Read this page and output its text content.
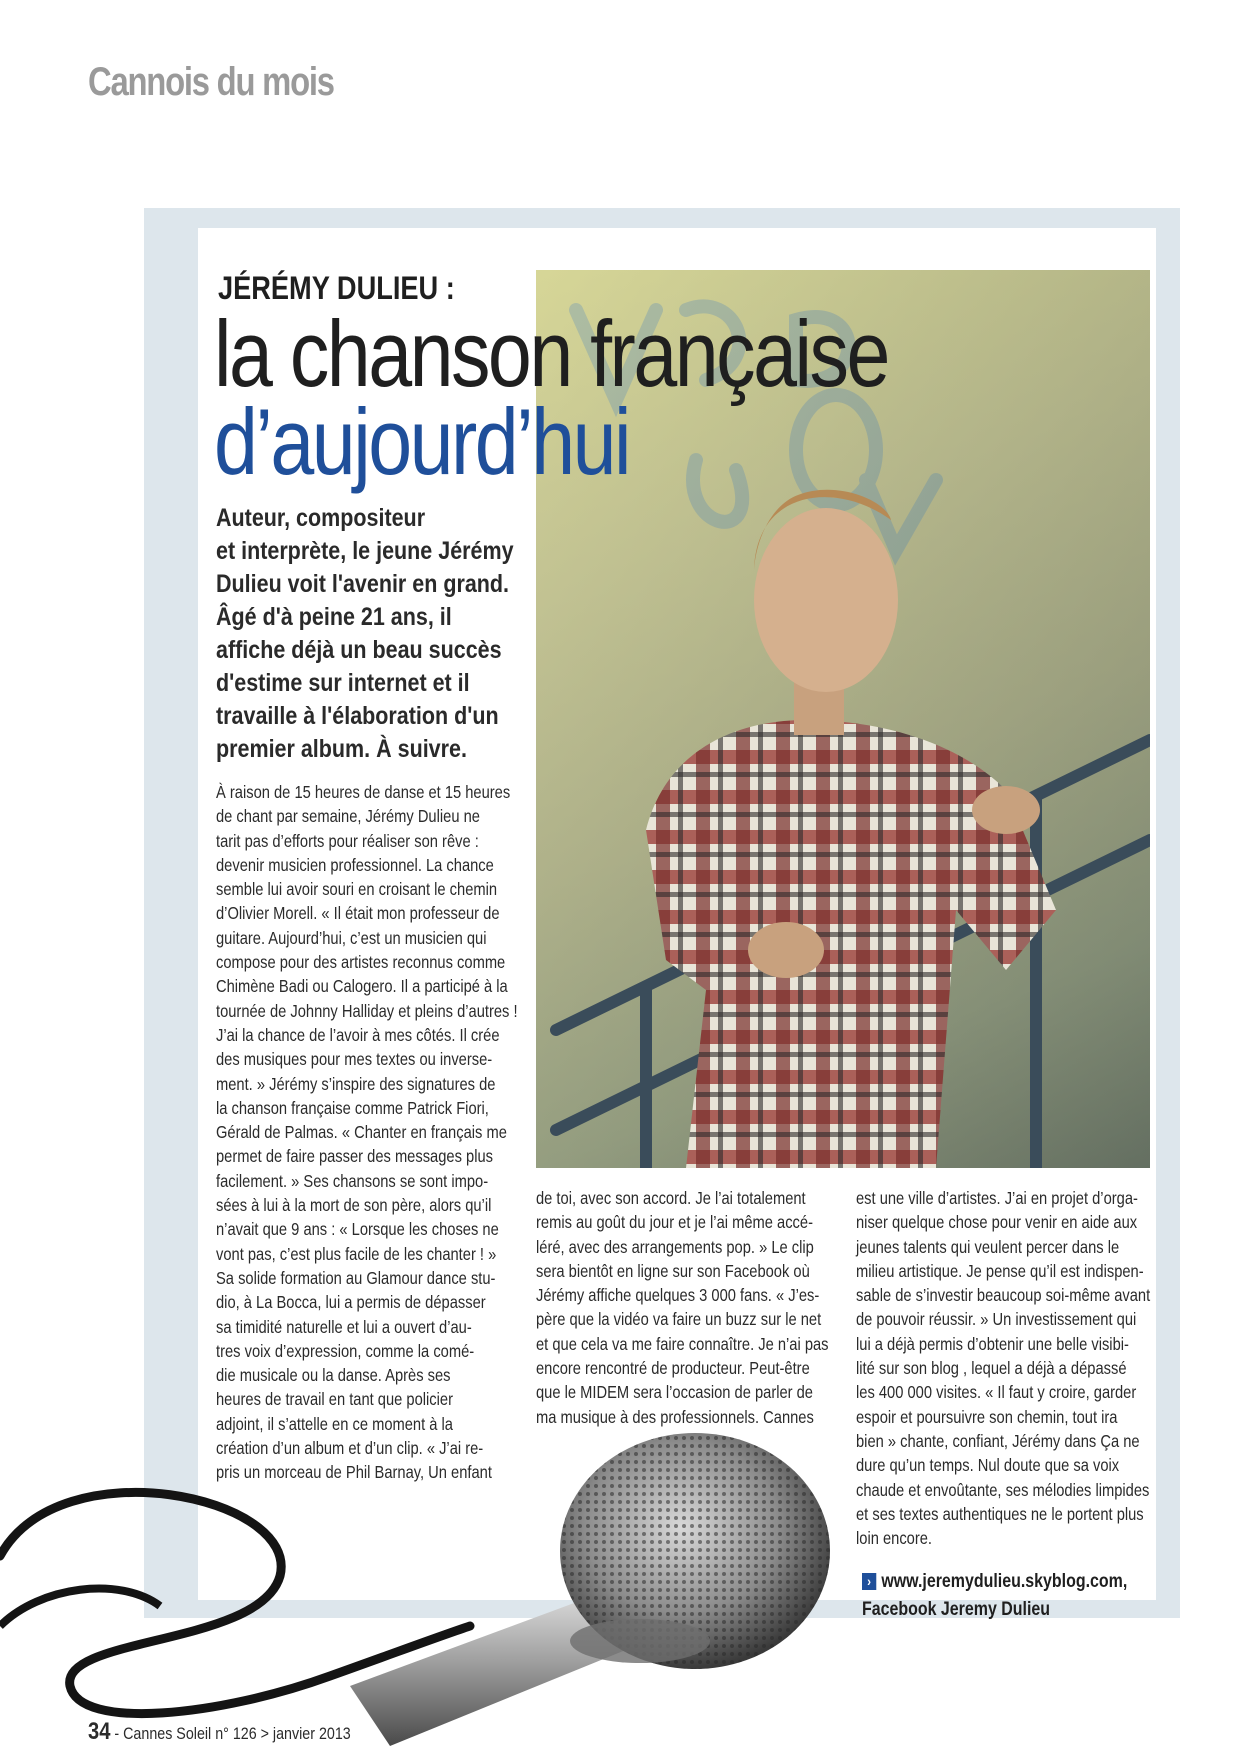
Cannois du mois
JÉRÉMY DULIEU :
la chanson française
d’aujourd’hui
Auteur, compositeur
et interprète, le jeune Jérémy
Dulieu voit l'avenir en grand.
Âgé d'à peine 21 ans, il
affiche déjà un beau succès
d'estime sur internet et il
travaille à l'élaboration d'un
premier album. À suivre.
À raison de 15 heures de danse et 15 heures
de chant par semaine, Jérémy Dulieu ne
tarit pas d’efforts pour réaliser son rêve :
devenir musicien professionnel. La chance
semble lui avoir souri en croisant le chemin
d’Olivier Morell. « Il était mon professeur de
guitare. Aujourd’hui, c’est un musicien qui
compose pour des artistes reconnus comme
Chimène Badi ou Calogero. Il a participé à la
tournée de Johnny Halliday et pleins d’autres !
J’ai la chance de l’avoir à mes côtés. Il crée
des musiques pour mes textes ou inverse-
ment. » Jérémy s’inspire des signatures de
la chanson française comme Patrick Fiori,
Gérald de Palmas. « Chanter en français me
permet de faire passer des messages plus
facilement. » Ses chansons se sont impo-
sées à lui à la mort de son père, alors qu’il
n’avait que 9 ans : « Lorsque les choses ne
vont pas, c’est plus facile de les chanter ! »
Sa solide formation au Glamour dance stu-
dio, à La Bocca, lui a permis de dépasser
sa timidité naturelle et lui a ouvert d’au-
tres voix d’expression, comme la comé-
die musicale ou la danse. Après ses
heures de travail en tant que policier
adjoint, il s’attelle en ce moment à la
création d’un album et d’un clip. « J’ai re-
pris un morceau de Phil Barnay, Un enfant
de toi, avec son accord. Je l’ai totalement
remis au goût du jour et je l’ai même accé-
léré, avec des arrangements pop. » Le clip
sera bientôt en ligne sur son Facebook où
Jérémy affiche quelques 3 000 fans. « J’es-
père que la vidéo va faire un buzz sur le net
et que cela va me faire connaître. Je n’ai pas
encore rencontré de producteur. Peut-être
que le MIDEM sera l’occasion de parler de
ma musique à des professionnels. Cannes
est une ville d’artistes. J’ai en projet d’orga-
niser quelque chose pour venir en aide aux
jeunes talents qui veulent percer dans le
milieu artistique. Je pense qu’il est indispen-
sable de s’investir beaucoup soi-même avant
de pouvoir réussir. » Un investissement qui
lui a déjà permis d’obtenir une belle visibi-
lité sur son blog , lequel a déjà a dépassé
les 400 000 visites. « Il faut y croire, garder
espoir et poursuivre son chemin, tout ira
bien » chante, confiant, Jérémy dans Ça ne
dure qu’un temps. Nul doute que sa voix
chaude et envoûtante, ses mélodies limpides
et ses textes authentiques ne le portent plus
loin encore.
› www.jeremydulieu.skyblog.com,
Facebook Jeremy Dulieu
34 - Cannes Soleil n° 126 > janvier 2013
